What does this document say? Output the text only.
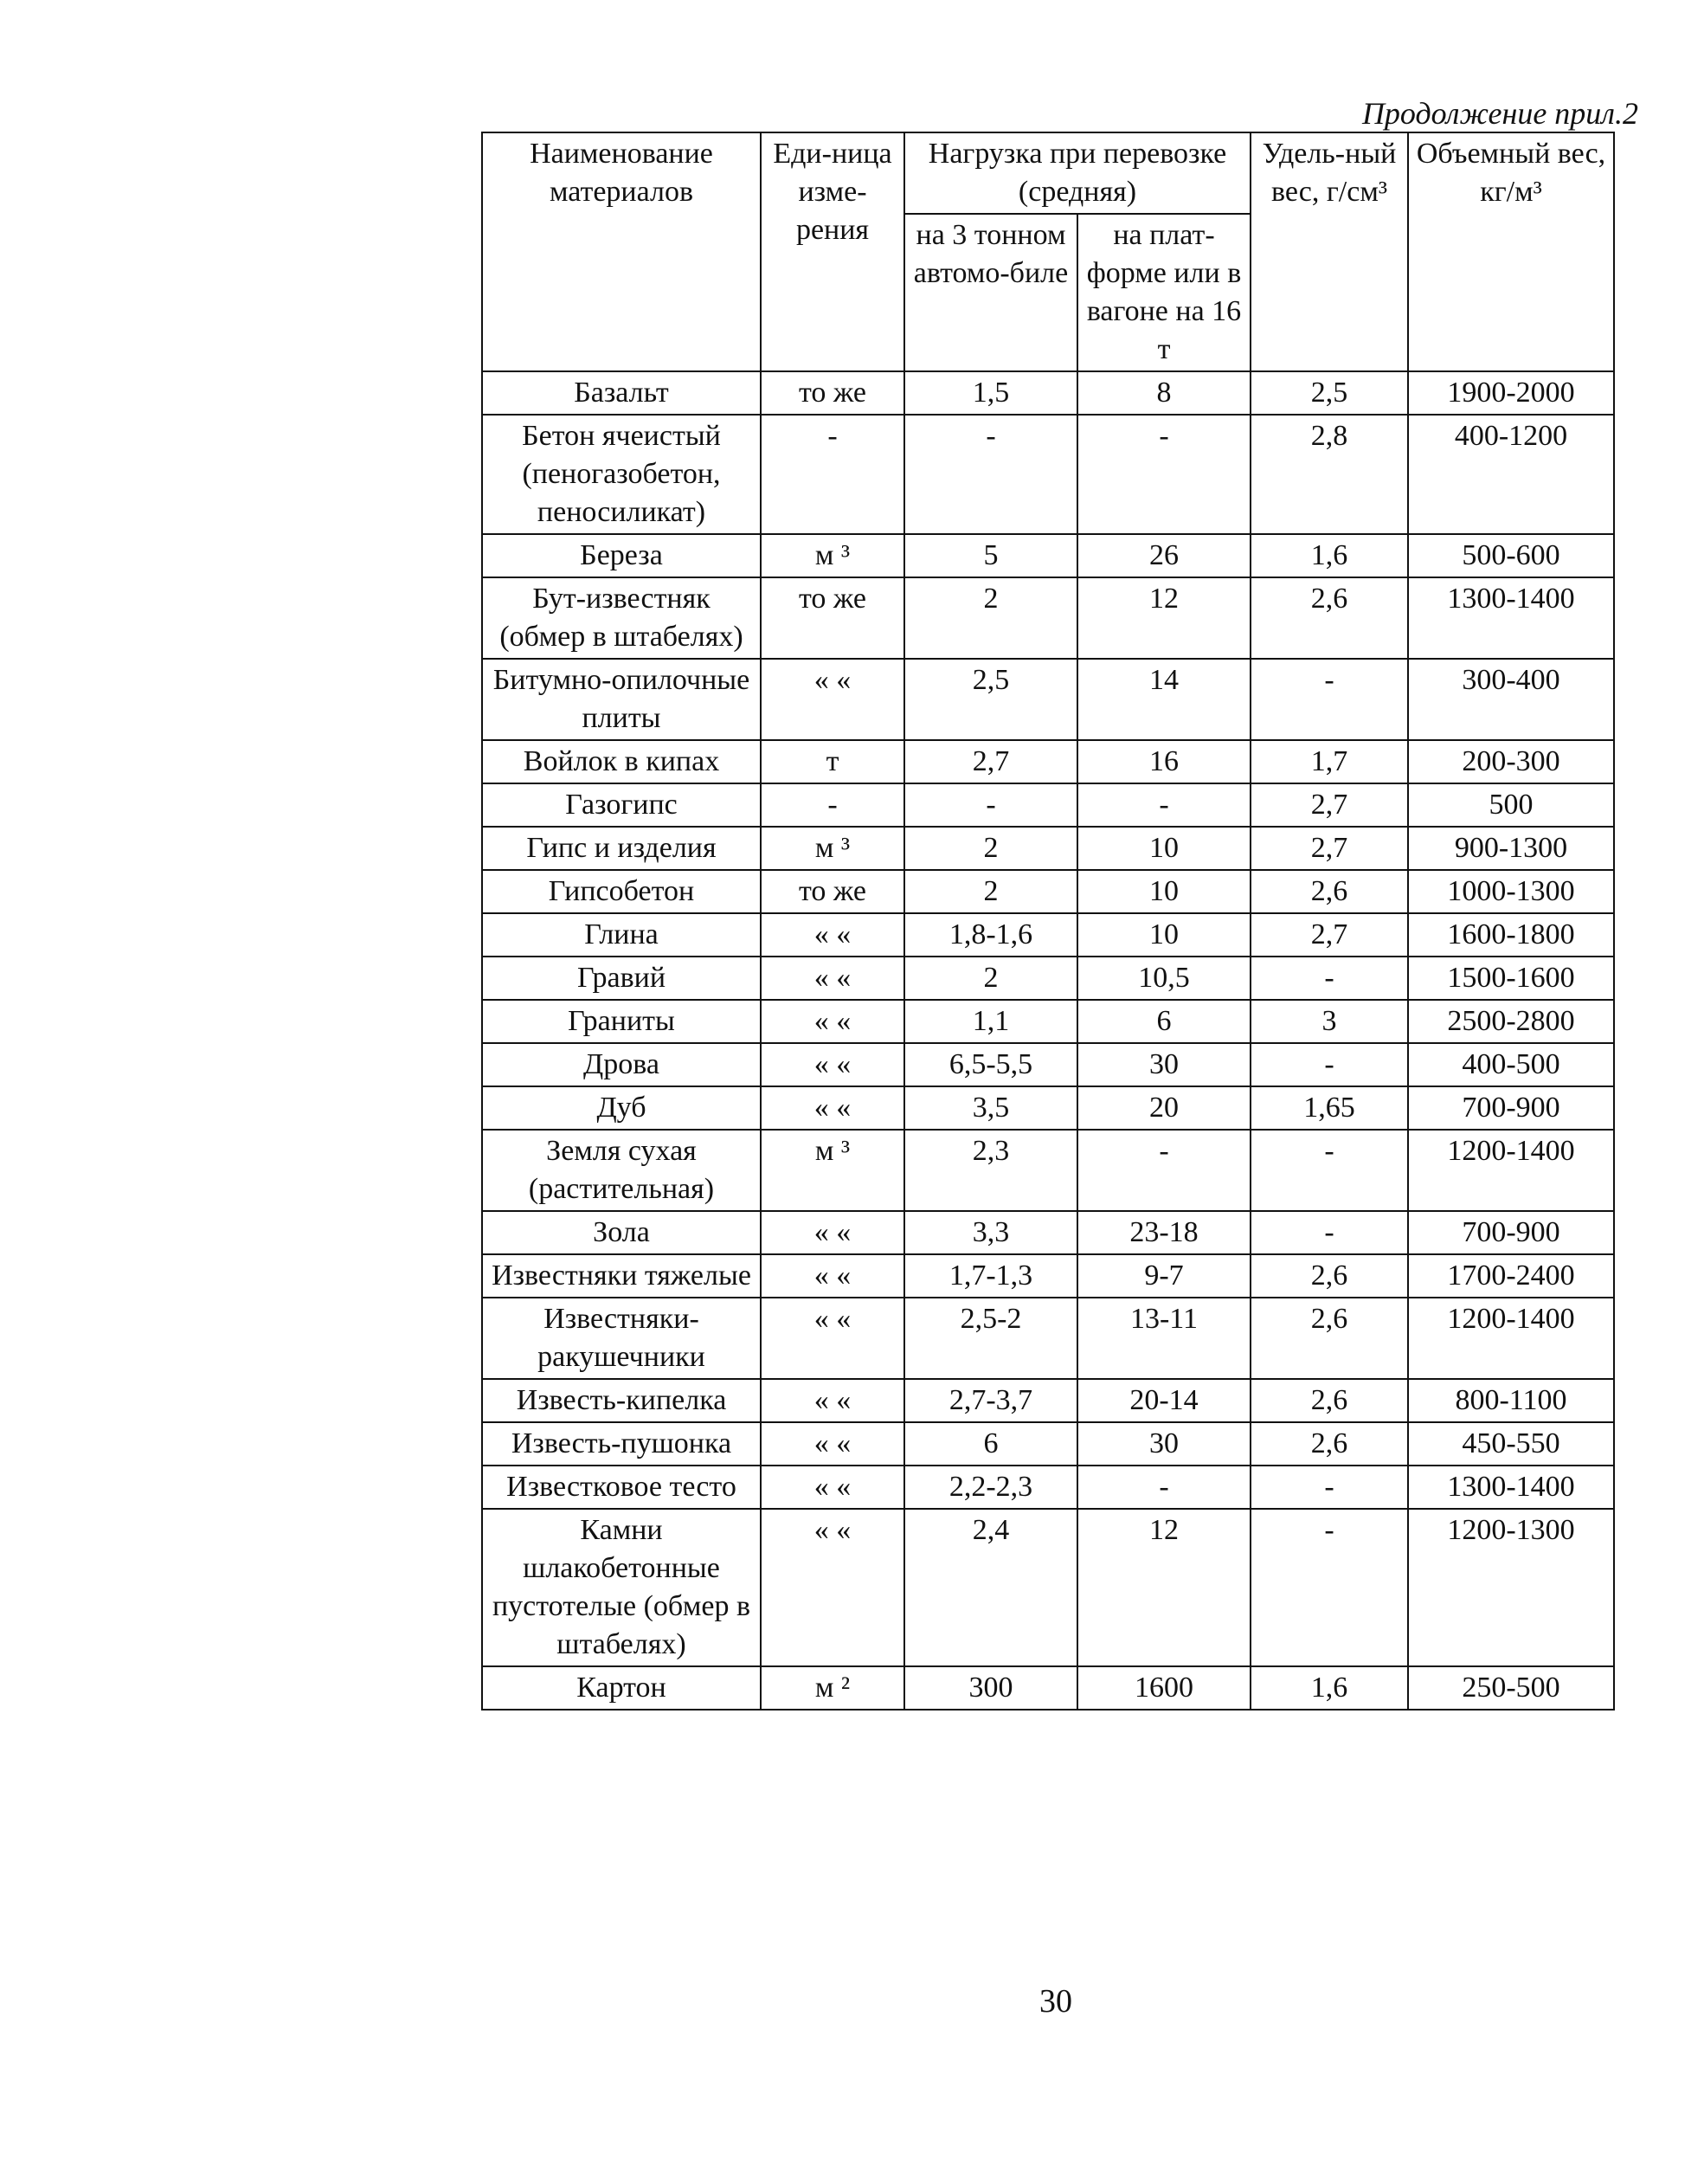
Продолжение прил.2
Наименование материалов	Еди-ница изме-рения	Нагрузка при перевозке (средняя)		Удель-ный вес, г/см³	Объемный вес, кг/м³
		на 3 тонном автомо-биле	на плат-форме или в вагоне на 16 т		
Базальт	то же	1,5	8	2,5	1900-2000
Бетон ячеистый (пеногазобетон, пеносиликат)	-	-	-	2,8	400-1200
Береза	м ³	5	26	1,6	500-600
Бут-известняк (обмер в штабелях)	то же	2	12	2,6	1300-1400
Битумно-опилочные плиты	« «	2,5	14	-	300-400
Войлок в кипах	т	2,7	16	1,7	200-300
Газогипс	-	-	-	2,7	500
Гипс и изделия	м ³	2	10	2,7	900-1300
Гипсобетон	то же	2	10	2,6	1000-1300
Глина	« «	1,8-1,6	10	2,7	1600-1800
Гравий	« «	2	10,5	-	1500-1600
Граниты	« «	1,1	6	3	2500-2800
Дрова	« «	6,5-5,5	30	-	400-500
Дуб	« «	3,5	20	1,65	700-900
Земля сухая (растительная)	м ³	2,3	-	-	1200-1400
Зола	« «	3,3	23-18	-	700-900
Известняки тяжелые	« «	1,7-1,3	9-7	2,6	1700-2400
Известняки-ракушечники	« «	2,5-2	13-11	2,6	1200-1400
Известь-кипелка	« «	2,7-3,7	20-14	2,6	800-1100
Известь-пушонка	« «	6	30	2,6	450-550
Известковое тесто	« «	2,2-2,3	-	-	1300-1400
Камни шлакобетонные пустотелые (обмер в штабелях)	« «	2,4	12	-	1200-1300
Картон	м ²	300	1600	1,6	250-500
30
